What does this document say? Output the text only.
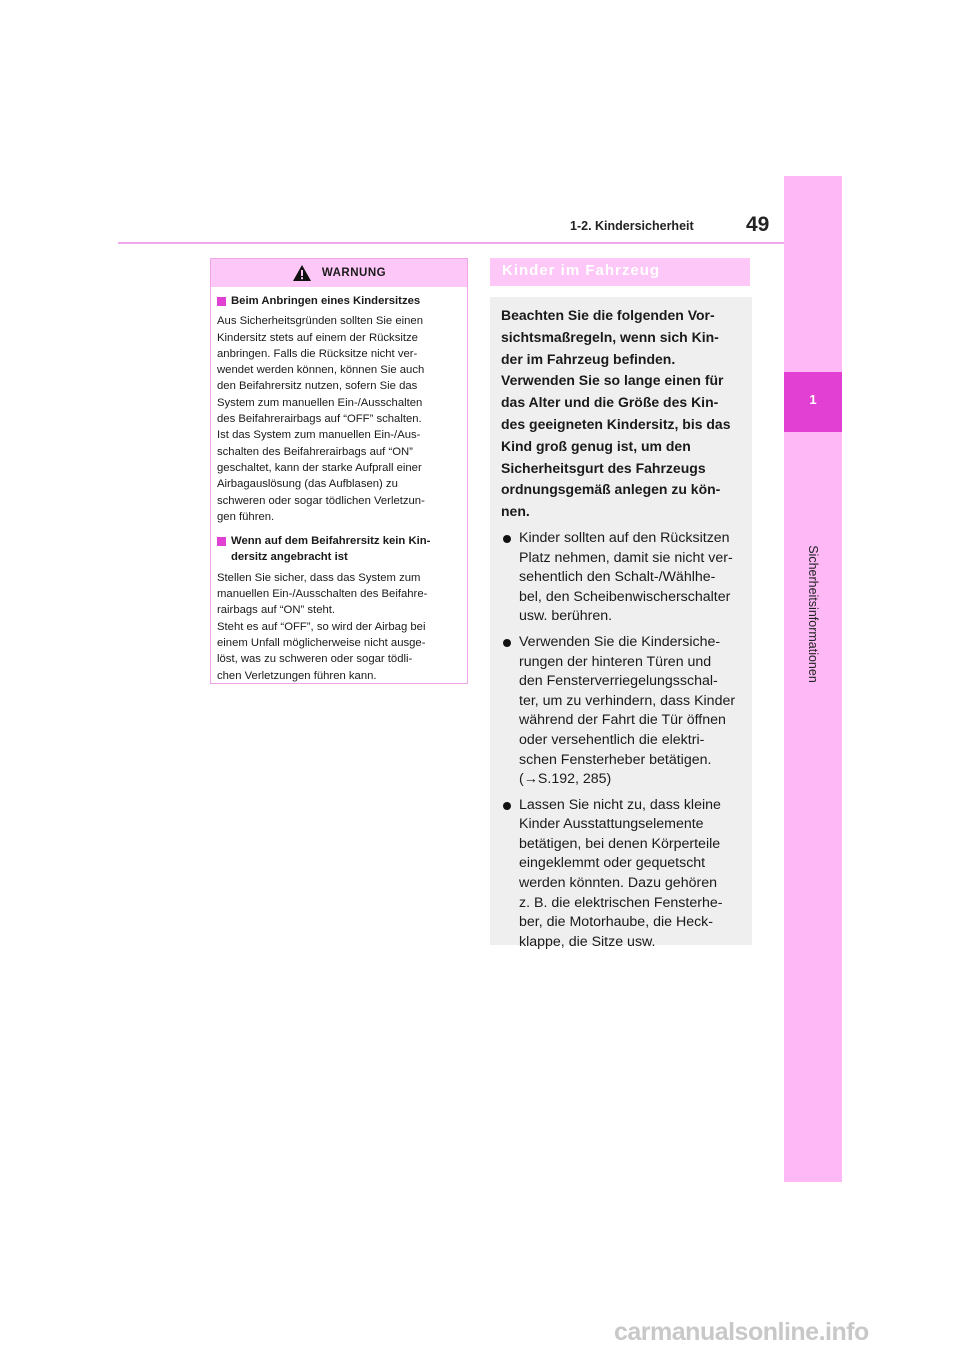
1-2. Kindersicherheit 49
1
Sicherheitsinformationen
WARNUNG
Beim Anbringen eines Kindersitzes
Aus Sicherheitsgründen sollten Sie einen
Kindersitz stets auf einem der Rücksitze
anbringen. Falls die Rücksitze nicht ver-
wendet werden können, können Sie auch
den Beifahrersitz nutzen, sofern Sie das
System zum manuellen Ein-/Ausschalten
des Beifahrerairbags auf “OFF” schalten.
Ist das System zum manuellen Ein-/Aus-
schalten des Beifahrerairbags auf “ON”
geschaltet, kann der starke Aufprall einer
Airbagauslösung (das Aufblasen) zu
schweren oder sogar tödlichen Verletzun-
gen führen.
Wenn auf dem Beifahrersitz kein Kin-
dersitz angebracht ist
Stellen Sie sicher, dass das System zum
manuellen Ein-/Ausschalten des Beifahre-
rairbags auf “ON” steht.
Steht es auf “OFF”, so wird der Airbag bei
einem Unfall möglicherweise nicht ausge-
löst, was zu schweren oder sogar tödli-
chen Verletzungen führen kann.
Kinder im Fahrzeug
Beachten Sie die folgenden Vor-
sichtsmaßregeln, wenn sich Kin-
der im Fahrzeug befinden.
Verwenden Sie so lange einen für
das Alter und die Größe des Kin-
des geeigneten Kindersitz, bis das
Kind groß genug ist, um den
Sicherheitsgurt des Fahrzeugs
ordnungsgemäß anlegen zu kön-
nen.
Kinder sollten auf den Rücksitzen
Platz nehmen, damit sie nicht ver-
sehentlich den Schalt-/Wählhe-
bel, den Scheibenwischerschalter
usw. berühren.
Verwenden Sie die Kindersiche-
rungen der hinteren Türen und
den Fensterverriegelungsschal-
ter, um zu verhindern, dass Kinder
während der Fahrt die Tür öffnen
oder versehentlich die elektri-
schen Fensterheber betätigen.
(→S.192, 285)
Lassen Sie nicht zu, dass kleine
Kinder Ausstattungselemente
betätigen, bei denen Körperteile
eingeklemmt oder gequetscht
werden könnten. Dazu gehören
z. B. die elektrischen Fensterhe-
ber, die Motorhaube, die Heck-
klappe, die Sitze usw.
carmanualsonline.info
